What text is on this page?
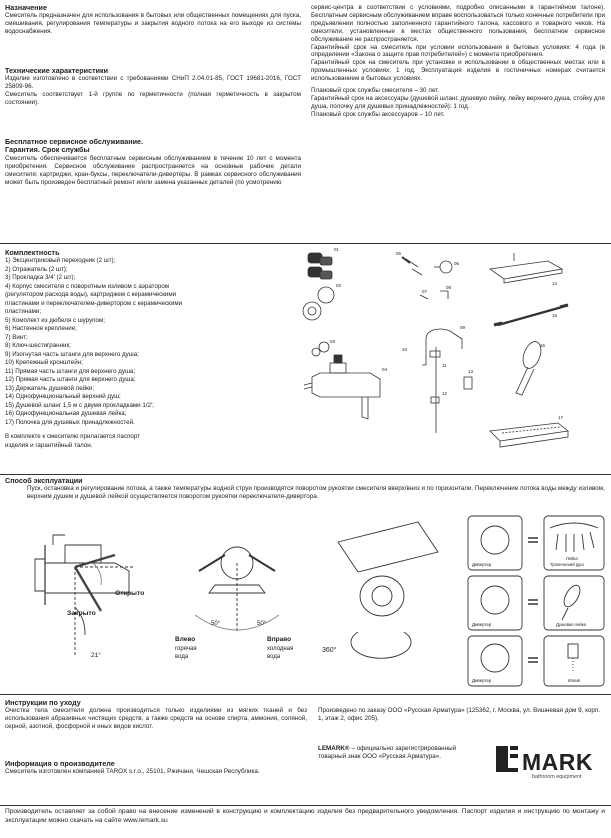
Назначение
Смеситель предназначен для использования в бытовых или общественных помещениях для пуска, смешивания, регулирования температуры и закрытия водного потока на его выходе из системы водоснабжения.
Технические характеристики
Изделие изготовлено в соответствии с требованиями СНиП 2.04.01-85, ГОСТ 19681-2016, ГОСТ 25809-96.
Смеситель соответствует 1-й группе по герметичности (полная герметичность в закрытом состоянии).
Бесплатное сервисное обслуживание.
Гарантия. Срок службы
Смеситель обеспечивается бесплатным сервисным обслуживанием в течение 10 лет с момента приобретения. Сервисное обслуживание распространяется на основные рабочие детали смесителя: картриджи, кран-буксы, переключатели-дивертеры. В рамках сервисного обслуживания может быть произведен бесплатный ремонт и/или замена указанных деталей (по усмотрению
сервис-центра в соответствии с условиями, подробно описанными в гарантийном талоне). Бесплатным сервисным обслуживанием вправе воспользоваться только конечные потребители при предъявлении полностью заполненного гарантийного талона, кассового и товарного чеков. На смесители, установленные в местах общественного пользования, бесплатное сервисное обслуживание не распространяется.
Гарантийный срок на смеситель при условии использования в бытовых условиях: 4 года (в определении «Закона о защите прав потребителей») с момента приобретения.
Гарантийный срок на смеситель при установке и использовании в общественных местах или в промышленных условиях: 1 год. Эксплуатация изделия в гостиничных номерах считается использованием в бытовых условиях.
Плановый срок службы смесителя – 30 лет.
Гарантийный срок на аксессуары (душевой шланг, душевую лейку, лейку верхнего душа, стойку для душа, полочку для душевых принадлежностей): 1 год.
Плановый срок службы аксессуаров – 10 лет.
Комплектность
1) Эксцентриковый переходник (2 шт);
2) Отражатель (2 шт);
3) Прокладка 3/4' (2 шт);
4) Корпус смесителя с поворотным изливом с аэратором
(регулятором расхода воды), картриджем с керамическими
пластинами и переключателем-дивертором с керамическими
пластинами;
5) Комплект из дюбеля с шурупом;
6) Настенное крепление;
7) Винт;
8) Ключ-шестигранник;
9) Изогнутая часть штанги для верхнего душа;
10) Крепежный кронштейн;
11) Прямая часть штанги для верхнего душа;
12) Прямая часть штанги для верхнего душа;
13) Держатель душевой лейки;
14) Однофункциональный верхний душ;
15) Душевой шланг 1,5 м с двумя прокладками 1/2';
16) Однофункциональная душевая лейка;
17) Полочка для душевых принадлежностей.
В комплекте к смесителю прилагается паспорт
изделия и гарантийный талон.
01
02
03
04
05
06
07
08
09
10
11
12
13
14
15
16
17
Способ эксплуатации
Пуск, остановка и регулирование потока, а также температуры водной струи производятся поворотом рукоятки смесителя вверх/вниз и по горизонтали. Переключение потока воды между изливом, верхним душем и душевой лейкой осуществляется поворотом рукоятки переключателя-дивертора.
Открыто
Закрыто
21°
50°	50°
Влево
горячая
вода
Вправо
холодная
вода
360°
Дивертер
Дивертер
Дивертер
Лейка
Тропический душ
Душевая лейка
Излив
Инструкции по уходу
Очистка тела смесителя должна производиться только изделиями из мягких тканей и без использования абразивных чистящих средств, а также средств на основе спирта, аммония, соляной, серной, азотной, фосфорной и иных видов кислот.
Информация о производителе
Смеситель изготовлен компанией TAROX s.r.o., 25101, Ржичани, Чешская Республика.
Произведено по заказу ООО «Русская Арматура» (125362, г. Москва, ул. Вишневая дом 9, корп. 1, этаж 2, офис 205).
LEMARK® – официально зарегистрированный товарный знак ООО «Русская Арматура».	MARK
bathroom equipment
Производитель оставляет за собой право на внесение изменений в конструкцию и комплектацию изделия без предварительного уведомления. Паспорт изделия и инструкцию по монтажу и эксплуатации можно скачать на сайте www.lemark.su
